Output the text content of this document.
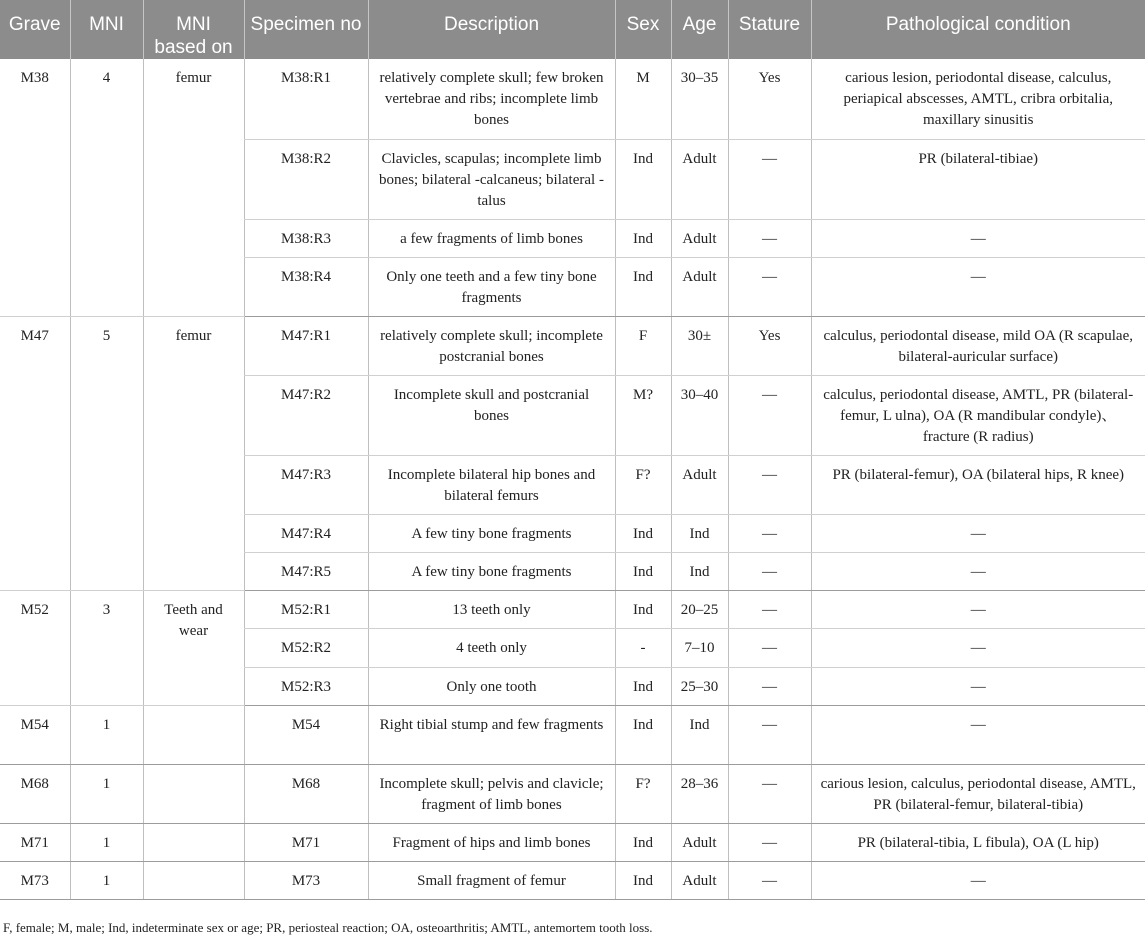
Grave	MNI	MNI based on	Specimen no	Description	Sex	Age	Stature	Pathological condition
M38	4	femur	M38:R1	relatively complete skull; few broken vertebrae and ribs; incomplete limb bones	M	30–35	Yes	carious lesion, periodontal disease, calculus, periapical abscesses, AMTL, cribra orbitalia, maxillary sinusitis
			M38:R2	Clavicles, scapulas; incomplete limb bones; bilateral -calcaneus; bilateral -talus	Ind	Adult	—	PR (bilateral-tibiae)
			M38:R3	a few fragments of limb bones	Ind	Adult	—	—
			M38:R4	Only one teeth and a few tiny bone fragments	Ind	Adult	—	—
M47	5	femur	M47:R1	relatively complete skull; incomplete postcranial bones	F	30±	Yes	calculus, periodontal disease, mild OA (R scapulae, bilateral-auricular surface)
			M47:R2	Incomplete skull and postcranial bones	M?	30–40	—	calculus, periodontal disease, AMTL, PR (bilateral-femur, L ulna), OA (R mandibular condyle)、fracture (R radius)
			M47:R3	Incomplete bilateral hip bones and bilateral femurs	F?	Adult	—	PR (bilateral-femur), OA (bilateral hips, R knee)
			M47:R4	A few tiny bone fragments	Ind	Ind	—	—
			M47:R5	A few tiny bone fragments	Ind	Ind	—	—
M52	3	Teeth and wear	M52:R1	13 teeth only	Ind	20–25	—	—
			M52:R2	4 teeth only	-	7–10	—	—
			M52:R3	Only one tooth	Ind	25–30	—	—
M54	1		M54	Right tibial stump and few fragments	Ind	Ind	—	—
M68	1		M68	Incomplete skull; pelvis and clavicle; fragment of limb bones	F?	28–36	—	carious lesion, calculus, periodontal disease, AMTL, PR (bilateral-femur, bilateral-tibia)
M71	1		M71	Fragment of hips and limb bones	Ind	Adult	—	PR (bilateral-tibia, L fibula), OA (L hip)
M73	1		M73	Small fragment of femur	Ind	Adult	—	—
F, female; M, male; Ind, indeterminate sex or age; PR, periosteal reaction; OA, osteoarthritis; AMTL, antemortem tooth loss.
